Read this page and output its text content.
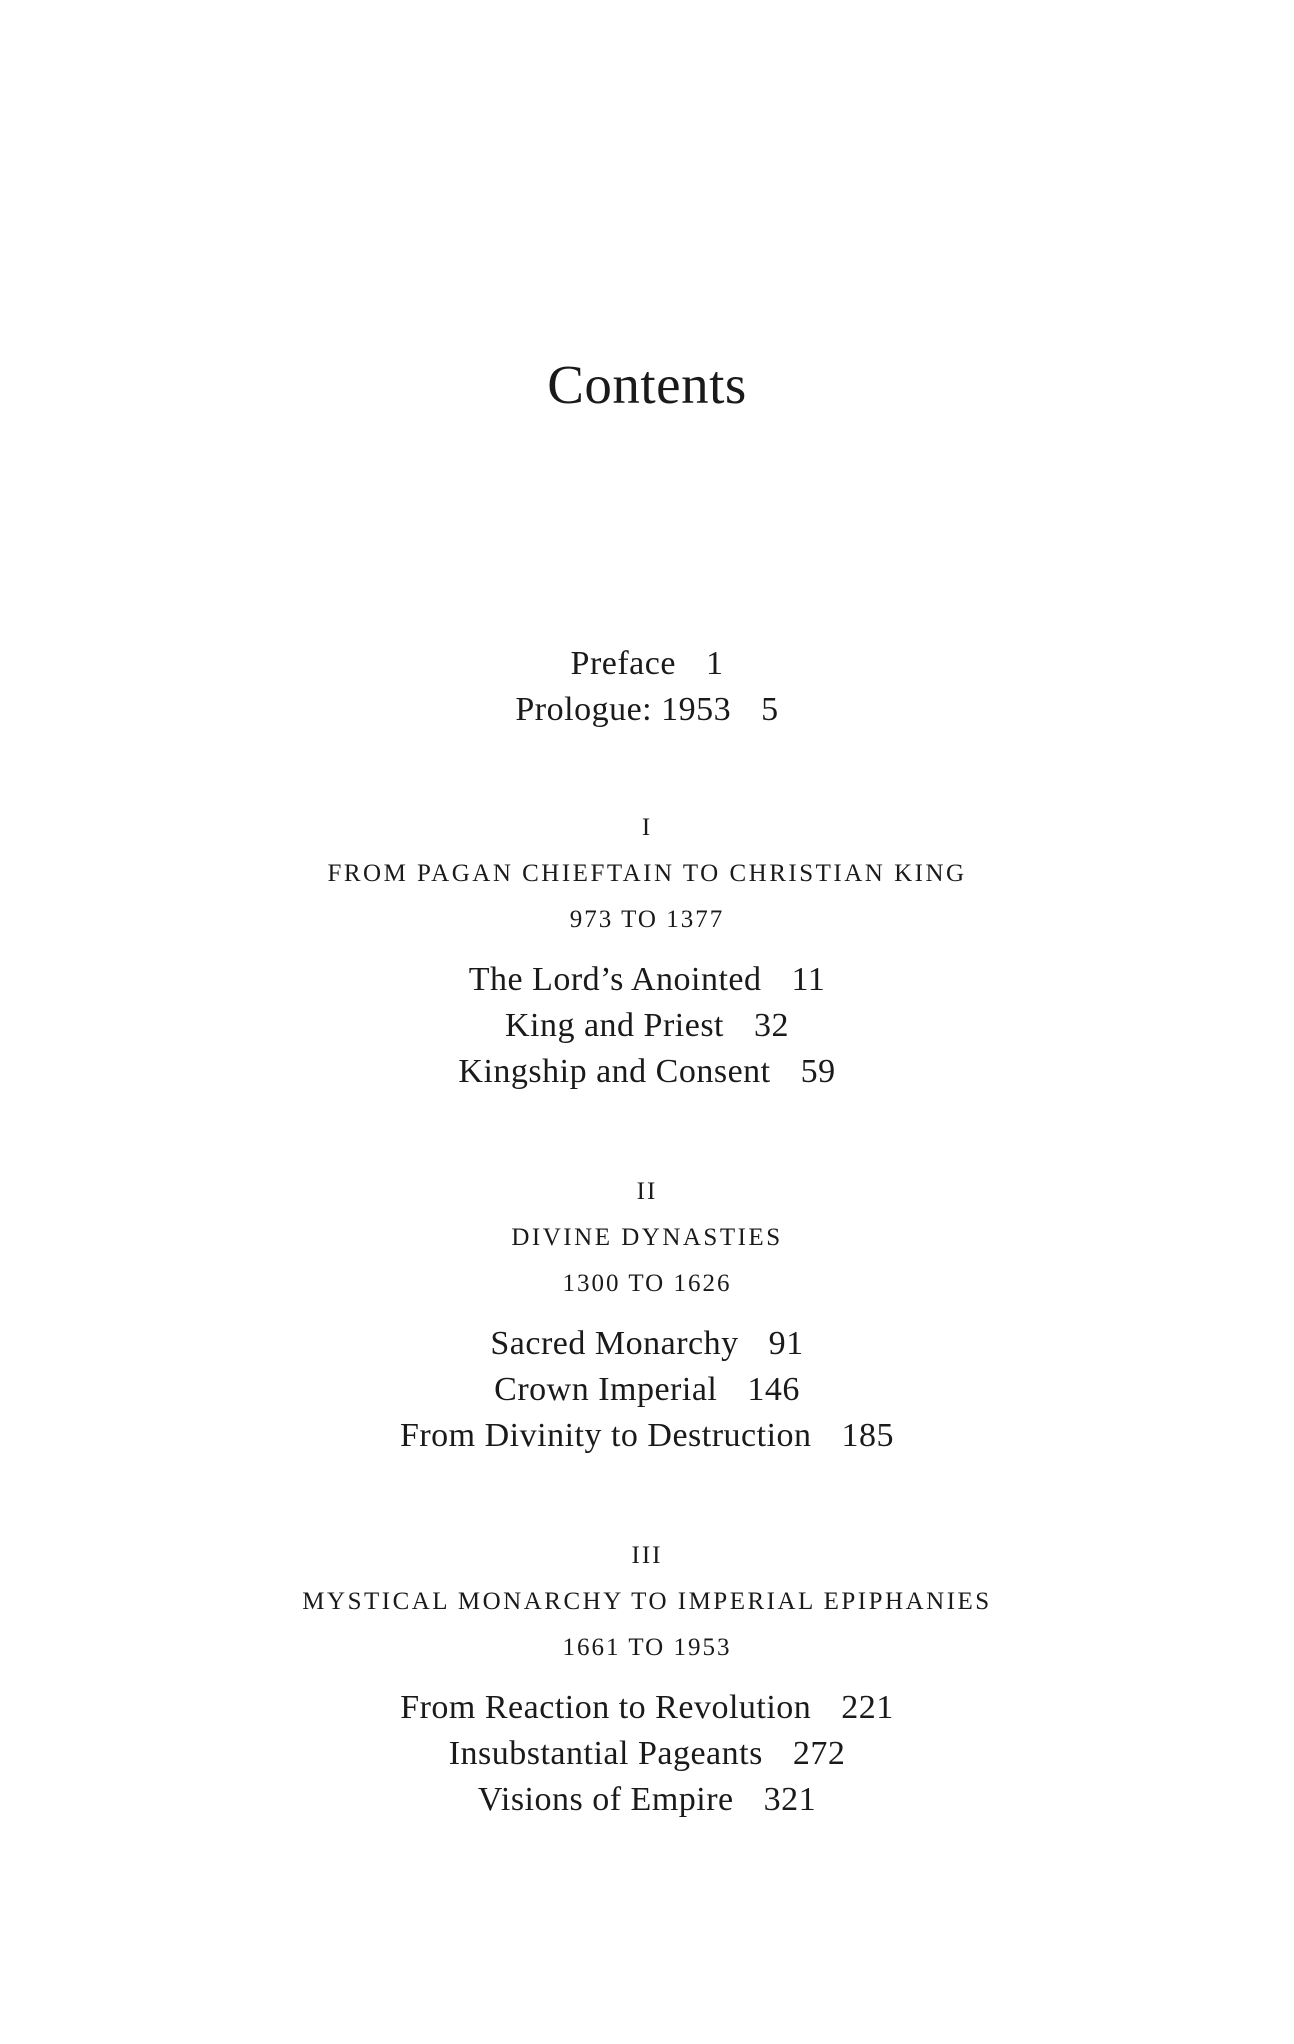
Contents
Preface 1
Prologue: 1953 5
I
FROM PAGAN CHIEFTAIN TO CHRISTIAN KING
973 TO 1377
The Lord’s Anointed 11
King and Priest 32
Kingship and Consent 59
II
DIVINE DYNASTIES
1300 TO 1626
Sacred Monarchy 91
Crown Imperial 146
From Divinity to Destruction 185
III
MYSTICAL MONARCHY TO IMPERIAL EPIPHANIES
1661 TO 1953
From Reaction to Revolution 221
Insubstantial Pageants 272
Visions of Empire 321
